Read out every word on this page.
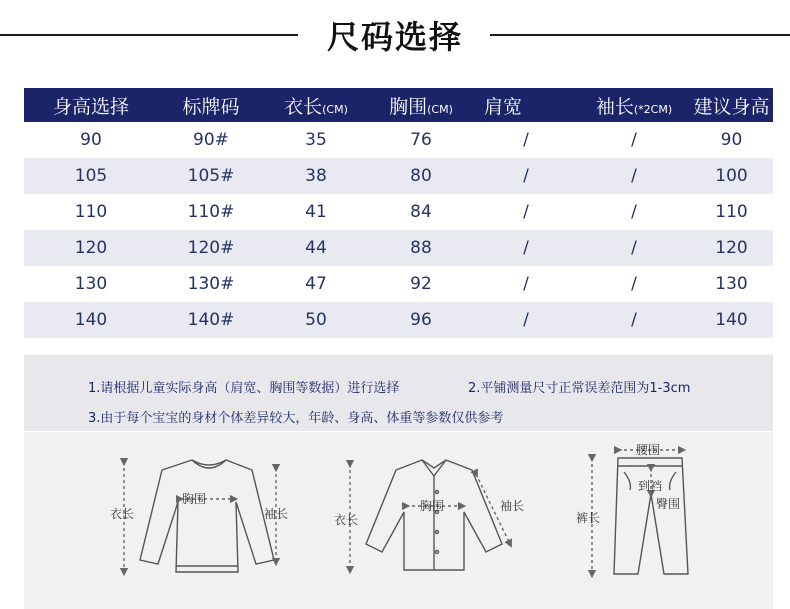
尺码选择
身高选择	标牌码	衣长(CM)	胸围(CM)	肩宽	袖长(*2CM)	建议身高
90	90#	35	76	/	/	90
105	105#	38	80	/	/	100
110	110#	41	84	/	/	110
120	120#	44	88	/	/	120
130	130#	47	92	/	/	130
140	140#	50	96	/	/	140
1.请根据儿童实际身高（肩宽、胸围等数据）进行选择	2.平铺测量尺寸正常误差范围为1-3cm
3.由于每个宝宝的身材个体差异较大，年龄、身高、体重等参数仅供参考
衣长
胸围
袖长	衣长
胸围	袖长
腰围
到裆
臀围
裤长
